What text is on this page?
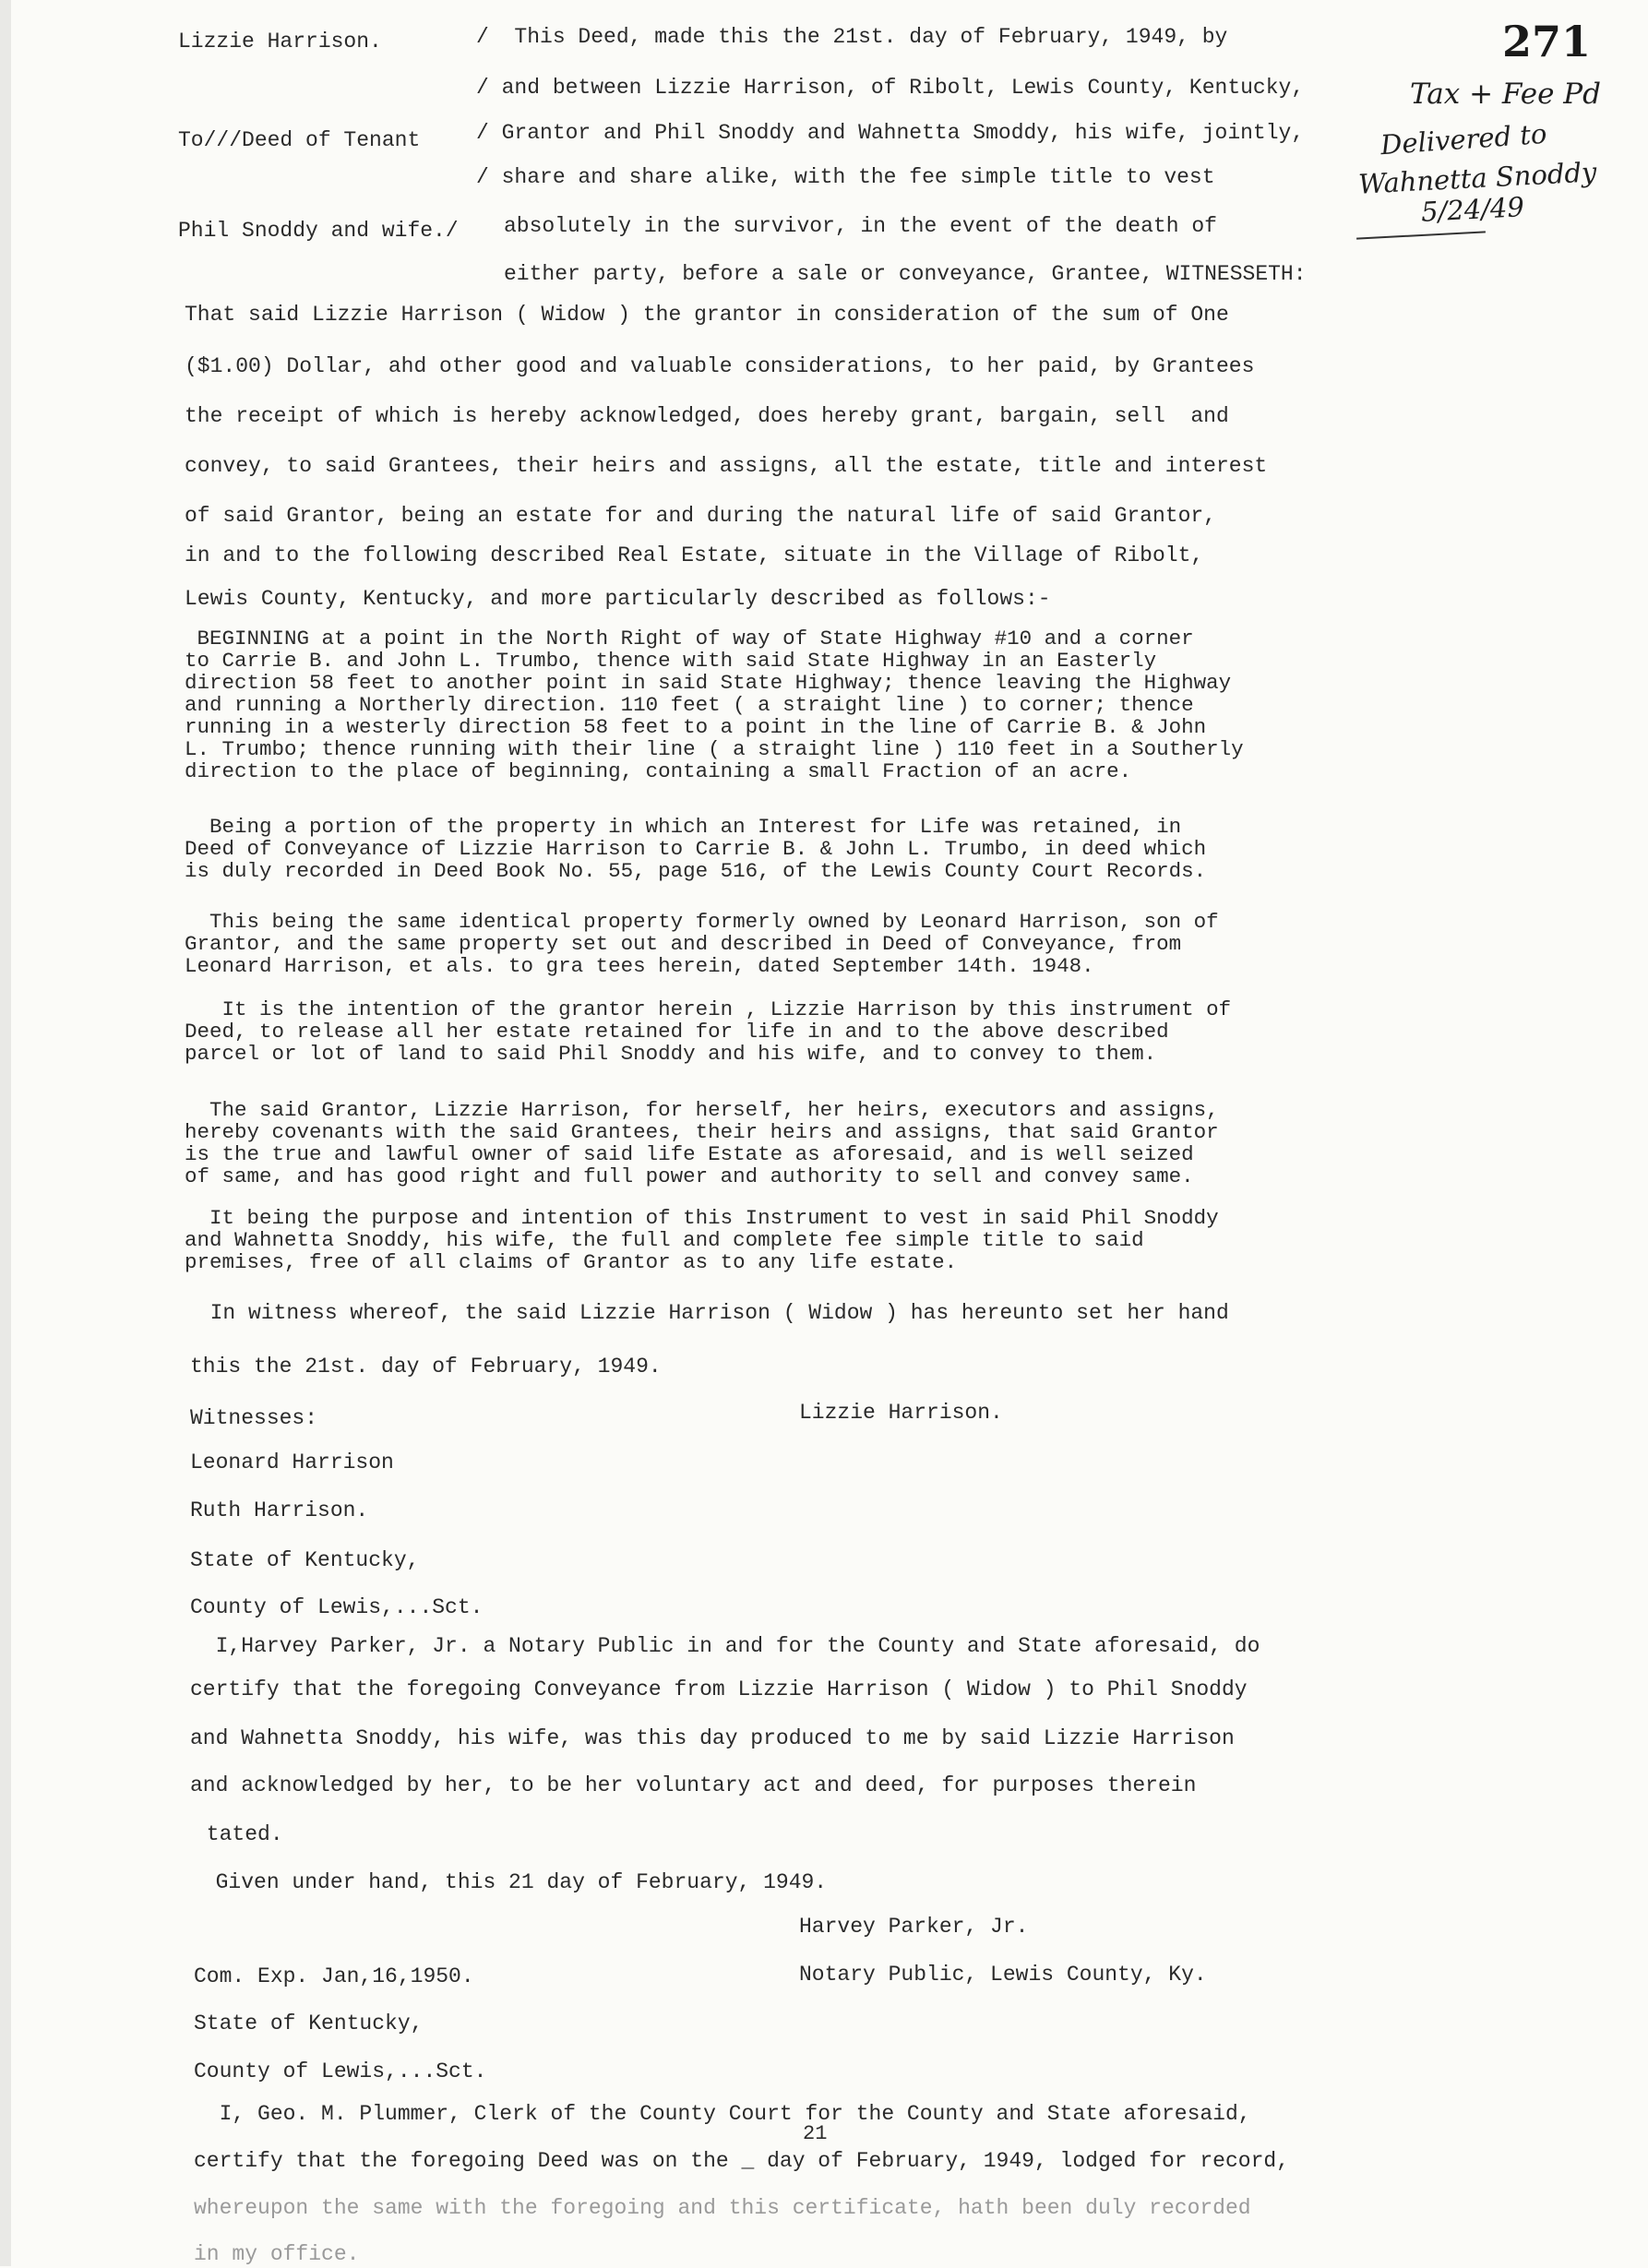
271
Lizzie Harrison.
To///Deed of Tenant
Phil Snoddy and wife./
/  This Deed, made this the 21st. day of February, 1949, by
/ and between Lizzie Harrison, of Ribolt, Lewis County, Kentucky,
/ Grantor and Phil Snoddy and Wahnetta Smoddy, his wife, jointly,
/ share and share alike, with the fee simple title to vest
absolutely in the survivor, in the event of the death of
either party, before a sale or conveyance, Grantee, WITNESSETH:
Tax + Fee Pd
Delivered to
Wahnetta Snoddy
5/24/49
That said Lizzie Harrison ( Widow ) the grantor in consideration of the sum of One
($1.00) Dollar, ahd other good and valuable considerations, to her paid, by Grantees
the receipt of which is hereby acknowledged, does hereby grant, bargain, sell  and
convey, to said Grantees, their heirs and assigns, all the estate, title and interest
of said Grantor, being an estate for and during the natural life of said Grantor,
in and to the following described Real Estate, situate in the Village of Ribolt,
Lewis County, Kentucky, and more particularly described as follows:-
BEGINNING at a point in the North Right of way of State Highway #10 and a corner
to Carrie B. and John L. Trumbo, thence with said State Highway in an Easterly
direction 58 feet to another point in said State Highway; thence leaving the Highway
and running a Northerly direction. 110 feet ( a straight line ) to corner; thence
running in a westerly direction 58 feet to a point in the line of Carrie B. & John
L. Trumbo; thence running with their line ( a straight line ) 110 feet in a Southerly
direction to the place of beginning, containing a small Fraction of an acre.
Being a portion of the property in which an Interest for Life was retained, in
Deed of Conveyance of Lizzie Harrison to Carrie B. & John L. Trumbo, in deed which
is duly recorded in Deed Book No. 55, page 516, of the Lewis County Court Records.
This being the same identical property formerly owned by Leonard Harrison, son of
Grantor, and the same property set out and described in Deed of Conveyance, from
Leonard Harrison, et als. to gra tees herein, dated September 14th. 1948.
It is the intention of the grantor herein , Lizzie Harrison by this instrument of
Deed, to release all her estate retained for life in and to the above described
parcel or lot of land to said Phil Snoddy and his wife, and to convey to them.
The said Grantor, Lizzie Harrison, for herself, her heirs, executors and assigns,
hereby covenants with the said Grantees, their heirs and assigns, that said Grantor
is the true and lawful owner of said life Estate as aforesaid, and is well seized
of same, and has good right and full power and authority to sell and convey same.
It being the purpose and intention of this Instrument to vest in said Phil Snoddy
and Wahnetta Snoddy, his wife, the full and complete fee simple title to said
premises, free of all claims of Grantor as to any life estate.
In witness whereof, the said Lizzie Harrison ( Widow ) has hereunto set her hand
this the 21st. day of February, 1949.
Lizzie Harrison.
Witnesses:
Leonard Harrison
Ruth Harrison.
State of Kentucky,
County of Lewis,...Sct.
I,Harvey Parker, Jr. a Notary Public in and for the County and State aforesaid, do
certify that the foregoing Conveyance from Lizzie Harrison ( Widow ) to Phil Snoddy
and Wahnetta Snoddy, his wife, was this day produced to me by said Lizzie Harrison
and acknowledged by her, to be her voluntary act and deed, for purposes therein
tated.
Given under hand, this 21 day of February, 1949.
Harvey Parker, Jr.
Notary Public, Lewis County, Ky.
Com. Exp. Jan,16,1950.
State of Kentucky,
County of Lewis,...Sct.
I, Geo. M. Plummer, Clerk of the County Court for the County and State aforesaid,
21
certify that the foregoing Deed was on the _ day of February, 1949, lodged for record,
whereupon the same with the foregoing and this certificate, hath been duly recorded
in my office.
